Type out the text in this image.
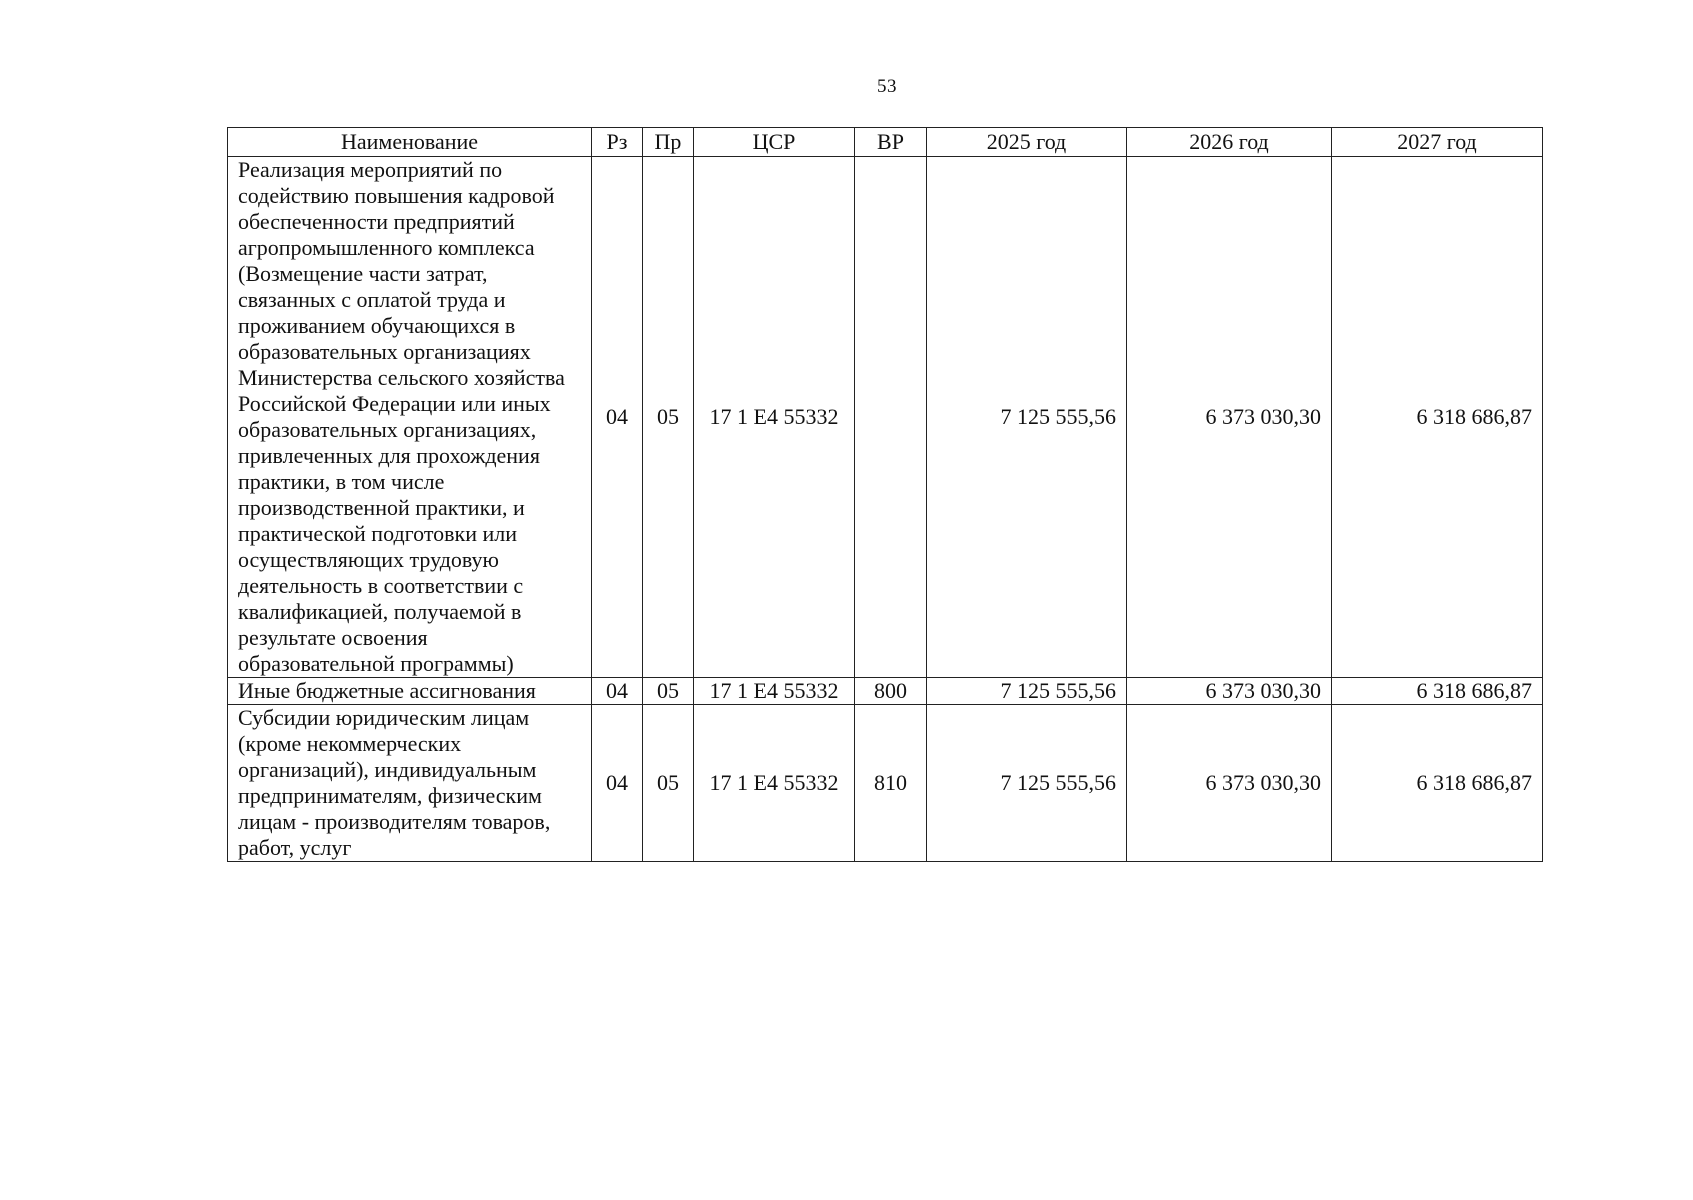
53
Наименование	Рз	Пр	ЦСР	ВР	2025 год	2026 год	2027 год
Реализация мероприятий по содействию повышения кадровой обеспеченности предприятий агропромышленного комплекса (Возмещение части затрат, связанных с оплатой труда и проживанием обучающихся в образовательных организациях Министерства сельского хозяйства Российской Федерации или иных образовательных организациях, привлеченных для прохождения практики, в том числе производственной практики, и практической подготовки или осуществляющих трудовую деятельность в соответствии с квалификацией, получаемой в результате освоения образовательной программы)	04	05	17 1 Е4 55332		7 125 555,56	6 373 030,30	6 318 686,87
Иные бюджетные ассигнования	04	05	17 1 Е4 55332	800	7 125 555,56	6 373 030,30	6 318 686,87
Субсидии юридическим лицам (кроме некоммерческих организаций), индивидуальным предпринимателям, физическим лицам - производителям товаров, работ, услуг	04	05	17 1 Е4 55332	810	7 125 555,56	6 373 030,30	6 318 686,87
